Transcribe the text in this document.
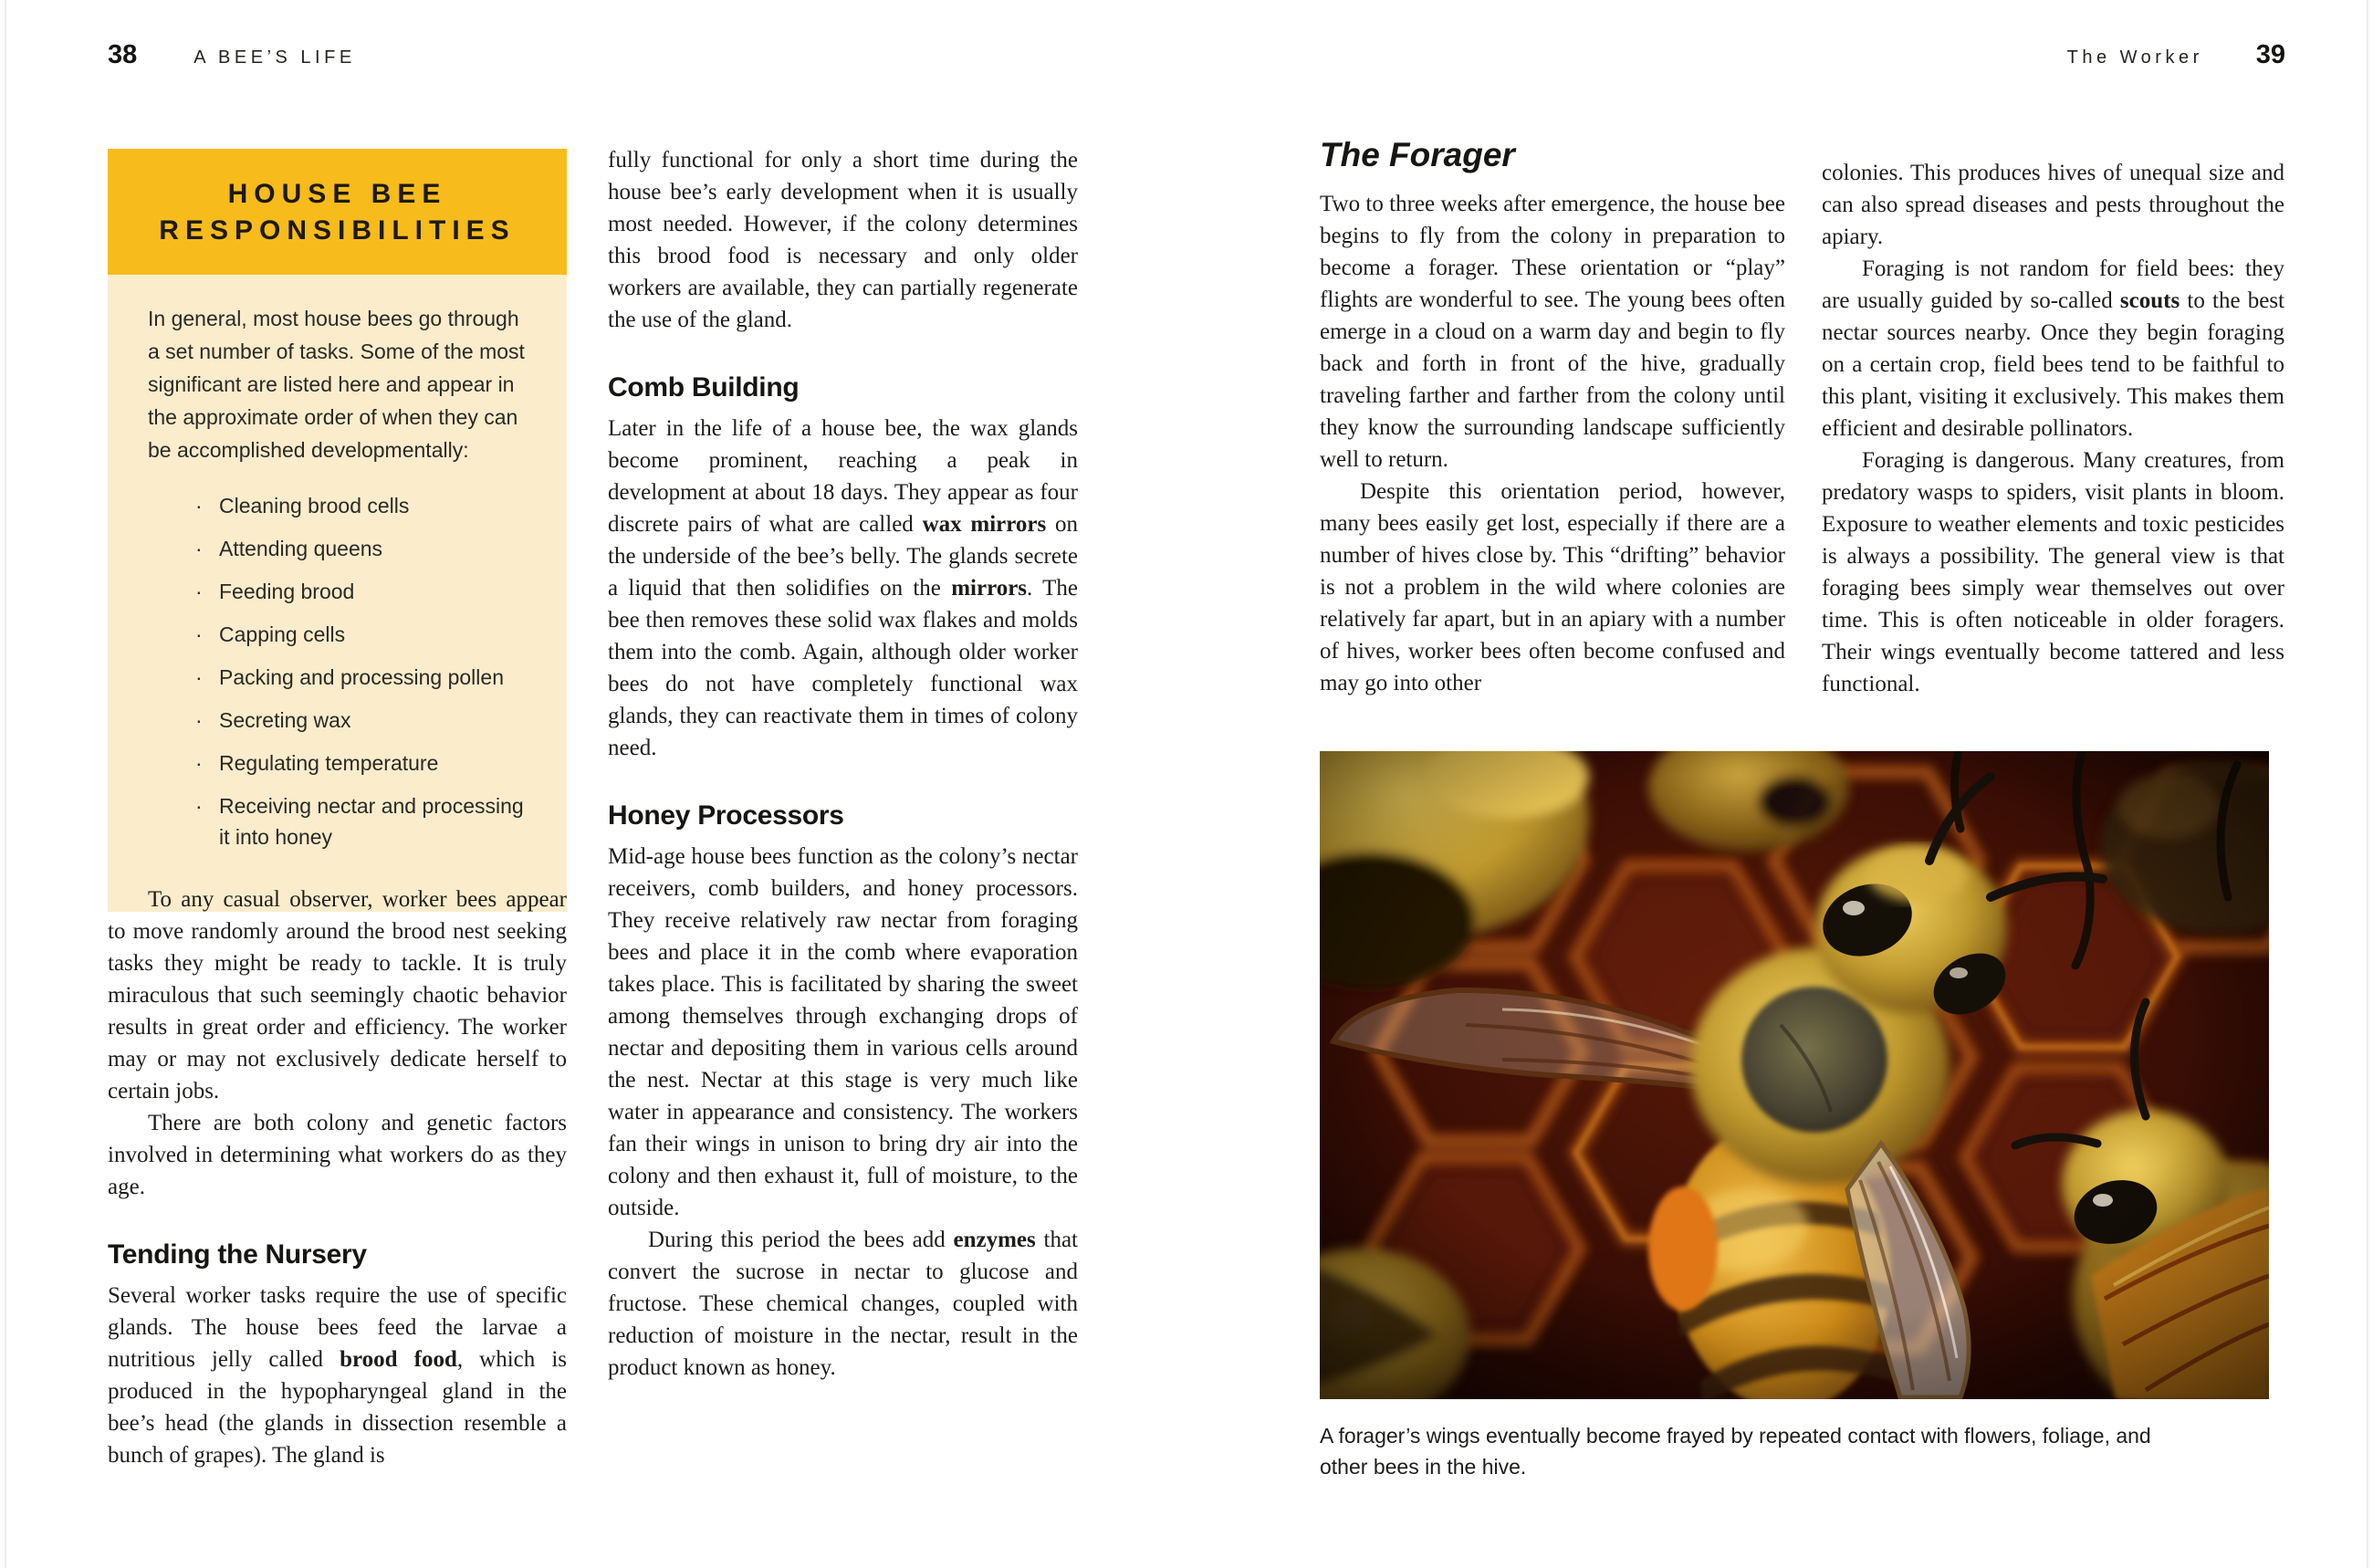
38	A BEE’S LIFE	The Worker 39
HOUSE BEE
RESPONSIBILITIES

In general, most house bees go through a set number of tasks. Some of the most significant are listed here and appear in the approximate order of when they can be accomplished developmentally:

· Cleaning brood cells
· Attending queens
· Feeding brood
· Capping cells
· Packing and processing pollen
· Secreting wax
· Regulating temperature
· Receiving nectar and processing it into honey

To any casual observer, worker bees appear to move randomly around the brood nest seeking tasks they might be ready to tackle. It is truly miraculous that such seemingly chaotic behavior results in great order and efficiency. The worker may or may not exclusively dedicate herself to certain jobs.

There are both colony and genetic factors involved in determining what workers do as they age.

Tending the Nursery

Several worker tasks require the use of specific glands. The house bees feed the larvae a nutritious jelly called brood food, which is produced in the hypopharyngeal gland in the bee’s head (the glands in dissection resemble a bunch of grapes). The gland is

fully functional for only a short time during the house bee’s early development when it is usually most needed. However, if the colony determines this brood food is necessary and only older workers are available, they can partially regenerate the use of the gland.

Comb Building

Later in the life of a house bee, the wax glands become prominent, reaching a peak in development at about 18 days. They appear as four discrete pairs of what are called wax mirrors on the underside of the bee’s belly. The glands secrete a liquid that then solidifies on the mirrors. The bee then removes these solid wax flakes and molds them into the comb. Again, although older worker bees do not have completely functional wax glands, they can reactivate them in times of colony need.

Honey Processors

Mid-age house bees function as the colony’s nectar receivers, comb builders, and honey processors. They receive relatively raw nectar from foraging bees and place it in the comb where evaporation takes place. This is facilitated by sharing the sweet among themselves through exchanging drops of nectar and depositing them in various cells around the nest. Nectar at this stage is very much like water in appearance and consistency. The workers fan their wings in unison to bring dry air into the colony and then exhaust it, full of moisture, to the outside.

During this period the bees add enzymes that convert the sucrose in nectar to glucose and fructose. These chemical changes, coupled with reduction of moisture in the nectar, result in the product known as honey.

The Forager

Two to three weeks after emergence, the house bee begins to fly from the colony in preparation to become a forager. These orientation or “play” flights are wonderful to see. The young bees often emerge in a cloud on a warm day and begin to fly back and forth in front of the hive, gradually traveling farther and farther from the colony until they know the surrounding landscape sufficiently well to return.

Despite this orientation period, however, many bees easily get lost, especially if there are a number of hives close by. This “drifting” behavior is not a problem in the wild where colonies are relatively far apart, but in an apiary with a number of hives, worker bees often become confused and may go into other

colonies. This produces hives of unequal size and can also spread diseases and pests throughout the apiary.

Foraging is not random for field bees: they are usually guided by so-called scouts to the best nectar sources nearby. Once they begin foraging on a certain crop, field bees tend to be faithful to this plant, visiting it exclusively. This makes them efficient and desirable pollinators.

Foraging is dangerous. Many creatures, from predatory wasps to spiders, visit plants in bloom. Exposure to weather elements and toxic pesticides is always a possibility. The general view is that foraging bees simply wear themselves out over time. This is often noticeable in older foragers. Their wings eventually become tattered and less functional.

A forager’s wings eventually become frayed by repeated contact with flowers, foliage, and other bees in the hive.
